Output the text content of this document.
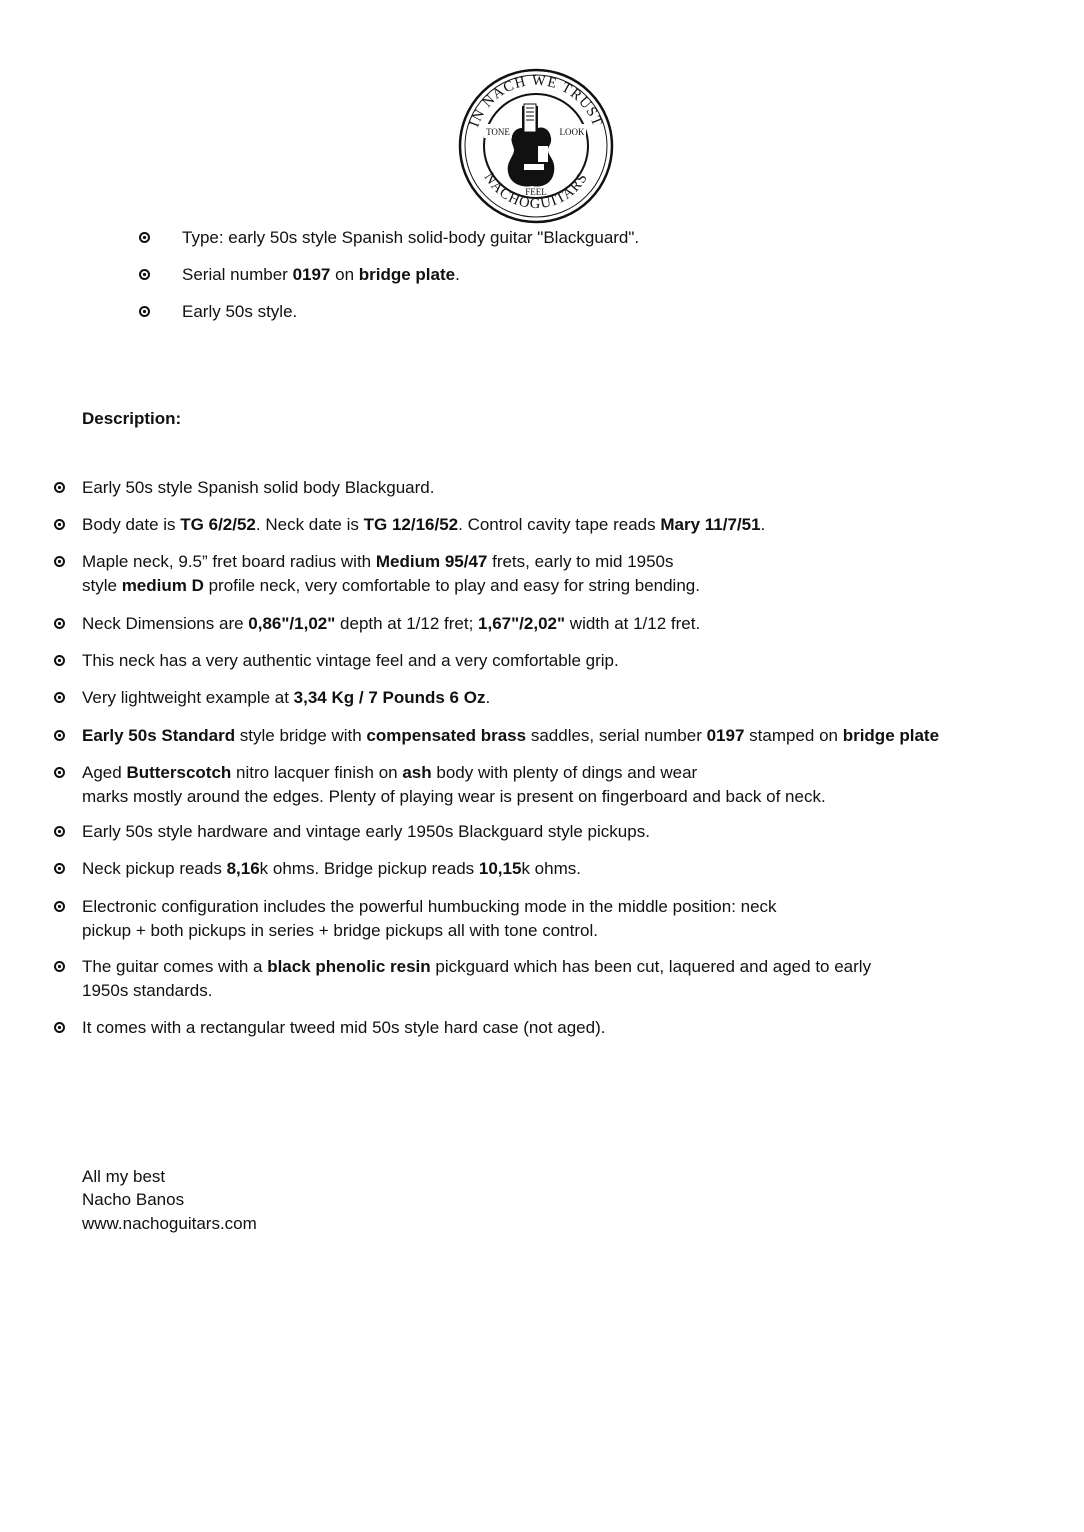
IN NACH WE TRUST
NACHOGUITARS
TONE	LOOK
FEEL
Type: early 50s style Spanish solid-body guitar "Blackguard".
Serial number 0197 on bridge plate.
Early 50s style.
Description:
Early 50s style Spanish solid body Blackguard.
Body date is TG 6/2/52. Neck date is TG 12/16/52. Control cavity tape reads Mary 11/7/51.
Maple neck, 9.5” fret board radius with Medium 95/47 frets, early to mid 1950s
style medium D profile neck, very comfortable to play and easy for string bending.
Neck Dimensions are 0,86"/1,02" depth at 1/12 fret; 1,67"/2,02" width at 1/12 fret.
This neck has a very authentic vintage feel and a very comfortable grip.
Very lightweight example at 3,34 Kg / 7 Pounds 6 Oz.
Early 50s Standard style bridge with compensated brass saddles, serial number 0197 stamped on bridge plate
Aged Butterscotch nitro lacquer finish on ash body with plenty of dings and wear
marks mostly around the edges. Plenty of playing wear is present on fingerboard and back of neck.
Early 50s style hardware and vintage early 1950s Blackguard style pickups.
Neck pickup reads 8,16k ohms. Bridge pickup reads 10,15k ohms.
Electronic configuration includes the powerful humbucking mode in the middle position: neck
pickup + both pickups in series + bridge pickups all with tone control.
The guitar comes with a black phenolic resin pickguard which has been cut, laquered and aged to early
1950s standards.
It comes with a rectangular tweed mid 50s style hard case (not aged).
All my best
Nacho Banos
www.nachoguitars.com
